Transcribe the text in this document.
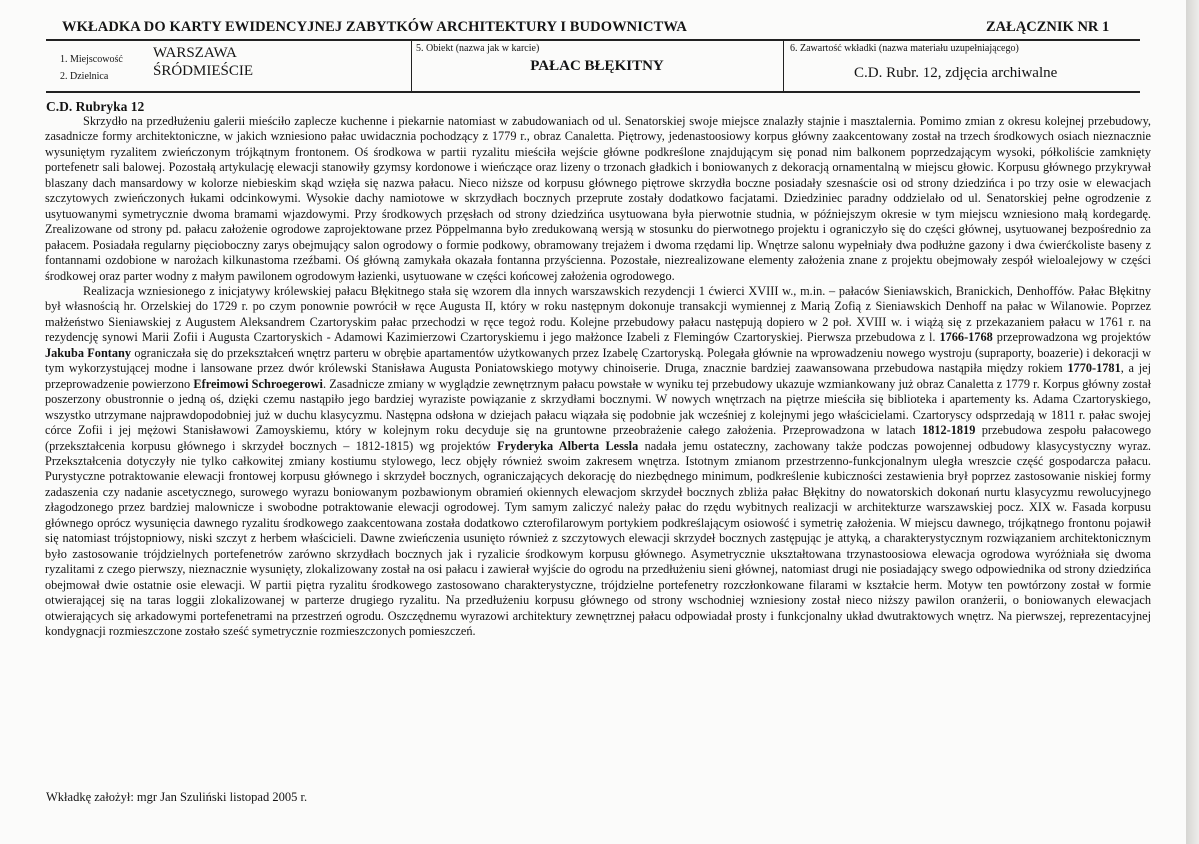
WKŁADKA DO KARTY EWIDENCYJNEJ ZABYTKÓW ARCHITEKTURY I BUDOWNICTWA	ZAŁĄCZNIK NR 1
1. Miejscowość WARSZAWA
2. Dzielnica	ŚRÓDMIEŚCIE
5. Obiekt (nazwa jak w karcie)
PAŁAC BŁĘKITNY
6. Zawartość wkładki (nazwa materiału uzupełniającego)
C.D. Rubr. 12, zdjęcia archiwalne
C.D. Rubryka 12

Skrzydło na przedłużeniu galerii mieściło zaplecze kuchenne i piekarnie natomiast w zabudowaniach od ul. Senatorskiej swoje miejsce znalazły stajnie i masztalernia. Pomimo zmian z okresu kolejnej przebudowy, zasadnicze formy architektoniczne, w jakich wzniesiono pałac uwidacznia pochodzący z 1779 r., obraz Canaletta. Piętrowy, jedenastoosiowy korpus główny zaakcentowany został na trzech środkowych osiach nieznacznie wysuniętym ryzalitem zwieńczonym trójkątnym frontonem. Oś środkowa w partii ryzalitu mieściła wejście główne podkreślone znajdującym się ponad nim balkonem poprzedzającym wysoki, półkoliście zamknięty portefenetr sali balowej. Pozostałą artykulację elewacji stanowiły gzymsy kordonowe i wieńczące oraz lizeny o trzonach gładkich i boniowanych z dekoracją ornamentalną w miejscu głowic. Korpusu głównego przykrywał blaszany dach mansardowy w kolorze niebieskim skąd wzięła się nazwa pałacu. Nieco niższe od korpusu głównego piętrowe skrzydła boczne posiadały szesnaście osi od strony dziedzińca i po trzy osie w elewacjach szczytowych zwieńczonych łukami odcinkowymi. Wysokie dachy namiotowe w skrzydłach bocznych przeprute zostały dodatkowo facjatami. Dziedziniec paradny oddzielało od ul. Senatorskiej pełne ogrodzenie z usytuowanymi symetrycznie dwoma bramami wjazdowymi. Przy środkowych przęsłach od strony dziedzińca usytuowana była pierwotnie studnia, w późniejszym okresie w tym miejscu wzniesiono małą kordegardę. Zrealizowane od strony pd. pałacu założenie ogrodowe zaprojektowane przez Pöppelmanna było zredukowaną wersją w stosunku do pierwotnego projektu i ograniczyło się do części głównej, usytuowanej bezpośrednio za pałacem. Posiadała regularny pięcioboczny zarys obejmujący salon ogrodowy o formie podkowy, obramowany trejażem i dwoma rzędami lip. Wnętrze salonu wypełniały dwa podłużne gazony i dwa ćwierćkoliste baseny z fontannami ozdobione w narożach kilkunastoma rzeźbami. Oś główną zamykała okazała fontanna przyściennа. Pozostałe, niezrealizowane elementy założenia znane z projektu obejmowały zespół wieloalejowy w części środkowej oraz parter wodny z małym pawilonem ogrodowym łazienki, usytuowane w części końcowej założenia ogrodowego.

Realizacja wzniesionego z inicjatywy królewskiej pałacu Błękitnego stała się wzorem dla innych warszawskich rezydencji 1 ćwierci XVIII w., m.in. – pałaców Sieniawskich, Branickich, Denhoffów. Pałac Błękitny był własnością hr. Orzelskiej do 1729 r. po czym ponownie powrócił w ręce Augusta II, który w roku następnym dokonuje transakcji wymiennej z Marią Zofią z Sieniawskich Denhoff na pałac w Wilanowie. Poprzez małżeństwo Sieniawskiej z Augustem Aleksandrem Czartoryskim pałac przechodzi w ręce tegoż rodu. Kolejne przebudowy pałacu następują dopiero w 2 poł. XVIII w. i wiążą się z przekazaniem pałacu w 1761 r. na rezydencję synowi Marii Zofii i Augusta Czartoryskich - Adamowi Kazimierzowi Czartoryskiemu i jego małżonce Izabeli z Flemingów Czartoryskiej. Pierwsza przebudowa z l. 1766-1768 przeprowadzona wg projektów Jakuba Fontany ograniczała się do przekształceń wnętrz parteru w obrębie apartamentów użytkowanych przez Izabelę Czartoryską. Polegała głównie na wprowadzeniu nowego wystroju (supraporty, boazerie) i dekoracji w tym wykorzystującej modne i lansowane przez dwór królewski Stanisława Augusta Poniatowskiego motywy chinoiserie. Druga, znacznie bardziej zaawansowana przebudowa nastąpiła między rokiem 1770-1781, a jej przeprowadzenie powierzono Efreimowi Schroegerowi. Zasadnicze zmiany w wyglądzie zewnętrznym pałacu powstałe w wyniku tej przebudowy ukazuje wzmiankowany już obraz Canaletta z 1779 r. Korpus główny został poszerzony obustronnie o jedną oś, dzięki czemu nastąpiło jego bardziej wyraziste powiązanie z skrzydłami bocznymi. W nowych wnętrzach na piętrze mieściła się biblioteka i apartementy ks. Adama Czartoryskiego, wszystko utrzymane najprawdopodobniej już w duchu klasycyzmu. Następna odsłona w dziejach pałacu wiązała się podobnie jak wcześniej z kolejnymi jego właścicielami. Czartoryscy odsprzedają w 1811 r. pałac swojej córce Zofii i jej mężowi Stanisławowi Zamoyskiemu, który w kolejnym roku decyduje się na gruntowne przeobrażenie całego założenia. Przeprowadzona w latach 1812-1819 przebudowa zespołu pałacowego (przekształcenia korpusu głównego i skrzydeł bocznych – 1812-1815) wg projektów Fryderyka Alberta Lessla nadała jemu ostateczny, zachowany także podczas powojennej odbudowy klasycystyczny wyraz. Przekształcenia dotyczyły nie tylko całkowitej zmiany kostiumu stylowego, lecz objęły również swoim zakresem wnętrza. Istotnym zmianom przestrzenno-funkcjonalnym uległa wreszcie część gospodarcza pałacu. Purystyczne potraktowanie elewacji frontowej korpusu głównego i skrzydeł bocznych, ograniczających dekorację do niezbędnego minimum, podkreślenie kubiczności zestawienia brył poprzez zastosowanie niskiej formy zadaszenia czy nadanie ascetycznego, surowego wyrazu boniowanym pozbawionym obramień okiennych elewacjom skrzydeł bocznych zbliża pałac Błękitny do nowatorskich dokonań nurtu klasycyzmu rewolucyjnego złagodzonego przez bardziej malownicze i swobodne potraktowanie elewacji ogrodowej. Tym samym zaliczyć należy pałac do rzędu wybitnych realizacji w architekturze warszawskiej pocz. XIX w. Fasada korpusu głównego oprócz wysunięcia dawnego ryzalitu środkowego zaakcentowana została dodatkowo czterofilarowym portykiem podkreślającym osiowość i symetrię założenia. W miejscu dawnego, trójkątnego frontonu pojawił się natomiast trójstopniowy, niski szczyt z herbem właścicieli. Dawne zwieńczenia usunięto również z szczytowych elewacji skrzydeł bocznych zastępując je attyką, a charakterystycznym rozwiązaniem architektonicznym było zastosowanie trójdzielnych portefenetrów zarówno skrzydłach bocznych jak i ryzalicie środkowym korpusu głównego. Asymetrycznie ukształtowana trzynastoosiowa elewacja ogrodowa wyróżniała się dwoma ryzalitami z czego pierwszy, nieznacznie wysunięty, zlokalizowany został na osi pałacu i zawierał wyjście do ogrodu na przedłużeniu sieni głównej, natomiast drugi nie posiadający swego odpowiednika od strony dziedzińca obejmował dwie ostatnie osie elewacji. W partii piętra ryzalitu środkowego zastosowano charakterystyczne, trójdzielne portefenetry rozczłonkowane filarami w kształcie herm. Motyw ten powtórzony został w formie otwierającej się na taras loggii zlokalizowanej w parterze drugiego ryzalitu. Na przedłużeniu korpusu głównego od strony wschodniej wzniesiony został nieco niższy pawilon oranżerii, o boniowanych elewacjach otwierających się arkadowymi portefenetrami na przestrzeń ogrodu. Oszczędnemu wyrazowi architektury zewnętrznej pałacu odpowiadał prosty i funkcjonalny układ dwutraktowych wnętrz. Na pierwszej, reprezentacyjnej kondygnacji rozmieszczone zostało sześć symetrycznie rozmieszczonych pomieszczeń.

Wkładkę założył: mgr Jan Szuliński listopad 2005 r.
